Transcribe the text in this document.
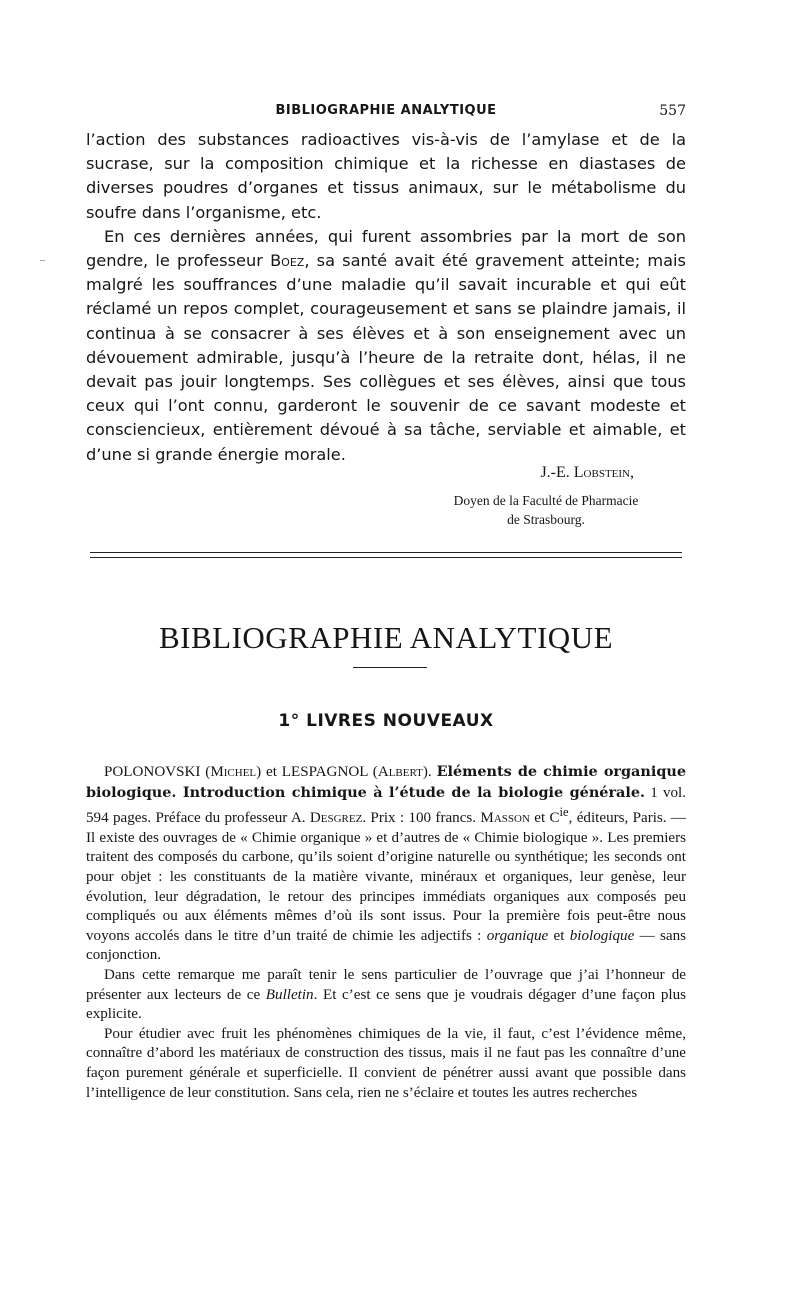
BIBLIOGRAPHIE ANALYTIQUE	557
–

l’action des substances radioactives vis-à-vis de l’amylase et de la sucrase, sur la composition chimique et la richesse en diastases de diverses poudres d’organes et tissus animaux, sur le métabolisme du soufre dans l’organisme, etc.

En ces dernières années, qui furent assombries par la mort de son gendre, le professeur Boez, sa santé avait été gravement atteinte; mais malgré les souffrances d’une maladie qu’il savait incurable et qui eût réclamé un repos complet, courageusement et sans se plaindre jamais, il continua à se consacrer à ses élèves et à son enseignement avec un dévouement admirable, jusqu’à l’heure de la retraite dont, hélas, il ne devait pas jouir longtemps. Ses collègues et ses élèves, ainsi que tous ceux qui l’ont connu, garderont le souvenir de ce savant modeste et consciencieux, entièrement dévoué à sa tâche, serviable et aimable, et d’une si grande énergie morale.

J.-E. Lobstein,
Doyen de la Faculté de Pharmacie
de Strasbourg.
BIBLIOGRAPHIE ANALYTIQUE
1° LIVRES NOUVEAUX

POLONOVSKI (Michel) et LESPAGNOL (Albert). Eléments de chimie organique biologique. Introduction chimique à l’étude de la biologie générale. 1 vol. 594 pages. Préface du professeur A. Desgrez. Prix : 100 francs. Masson et $C^{ie}$, éditeurs, Paris. — Il existe des ouvrages de « Chimie organique » et d’autres de « Chimie biologique ». Les premiers traitent des composés du carbone, qu’ils soient d’origine naturelle ou synthétique; les seconds ont pour objet : les constituants de la matière vivante, minéraux et organiques, leur genèse, leur évolution, leur dégradation, le retour des principes immédiats organiques aux composés peu compliqués ou aux éléments mêmes d’où ils sont issus. Pour la première fois peut-être nous voyons accolés dans le titre d’un traité de chimie les adjectifs : organique et biologique — sans conjonction.

Dans cette remarque me paraît tenir le sens particulier de l’ouvrage que j’ai l’honneur de présenter aux lecteurs de ce Bulletin. Et c’est ce sens que je voudrais dégager d’une façon plus explicite.

Pour étudier avec fruit les phénomènes chimiques de la vie, il faut, c’est l’évidence même, connaître d’abord les matériaux de construction des tissus, mais il ne faut pas les connaître d’une façon purement générale et superficielle. Il convient de pénétrer aussi avant que possible dans l’intelligence de leur constitution. Sans cela, rien ne s’éclaire et toutes les autres recherches
